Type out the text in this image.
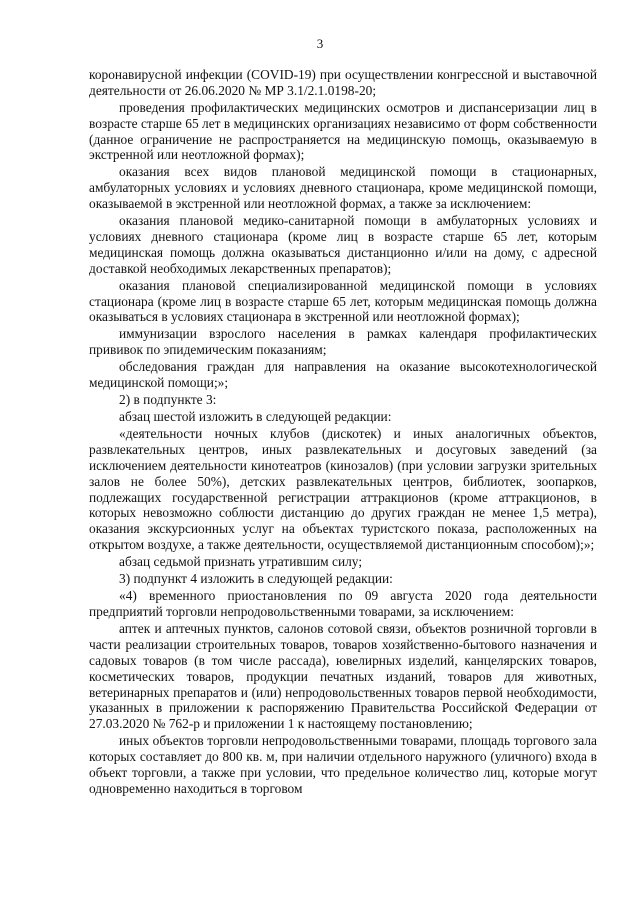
3

коронавирусной инфекции (COVID-19) при осуществлении конгрессной и выставочной деятельности от 26.06.2020 № МР 3.1/2.1.0198-20;

проведения профилактических медицинских осмотров и диспансеризации лиц в возрасте старше 65 лет в медицинских организациях независимо от форм собственности (данное ограничение не распространяется на медицинскую помощь, оказываемую в экстренной или неотложной формах);

оказания всех видов плановой медицинской помощи в стационарных, амбулаторных условиях и условиях дневного стационара, кроме медицинской помощи, оказываемой в экстренной или неотложной формах, а также за исключением:

оказания плановой медико-санитарной помощи в амбулаторных условиях и условиях дневного стационара (кроме лиц в возрасте старше 65 лет, которым медицинская помощь должна оказываться дистанционно и/или на дому, с адресной доставкой необходимых лекарственных препаратов);

оказания плановой специализированной медицинской помощи в условиях стационара (кроме лиц в возрасте старше 65 лет, которым медицинская помощь должна оказываться в условиях стационара в экстренной или неотложной формах);

иммунизации взрослого населения в рамках календаря профилактических прививок по эпидемическим показаниям;

обследования граждан для направления на оказание высокотехнологической медицинской помощи;»;

2) в подпункте 3:

абзац шестой изложить в следующей редакции:

«деятельности ночных клубов (дискотек) и иных аналогичных объектов, развлекательных центров, иных развлекательных и досуговых заведений (за исключением деятельности кинотеатров (кинозалов) (при условии загрузки зрительных залов не более 50%), детских развлекательных центров, библиотек, зоопарков, подлежащих государственной регистрации аттракционов (кроме аттракционов, в которых невозможно соблюсти дистанцию до других граждан не менее 1,5 метра), оказания экскурсионных услуг на объектах туристского показа, расположенных на открытом воздухе, а также деятельности, осуществляемой дистанционным способом);»;

абзац седьмой признать утратившим силу;

3) подпункт 4 изложить в следующей редакции:

«4) временного приостановления по 09 августа 2020 года деятельности предприятий торговли непродовольственными товарами, за исключением:

аптек и аптечных пунктов, салонов сотовой связи, объектов розничной торговли в части реализации строительных товаров, товаров хозяйственно-бытового назначения и садовых товаров (в том числе рассада), ювелирных изделий, канцелярских товаров, косметических товаров, продукции печатных изданий, товаров для животных, ветеринарных препаратов и (или) непродовольственных товаров первой необходимости, указанных в приложении к распоряжению Правительства Российской Федерации от 27.03.2020 № 762-р и приложении 1 к настоящему постановлению;

иных объектов торговли непродовольственными товарами, площадь торгового зала которых составляет до 800 кв. м, при наличии отдельного наружного (уличного) входа в объект торговли, а также при условии, что предельное количество лиц, которые могут одновременно находиться в торговом
